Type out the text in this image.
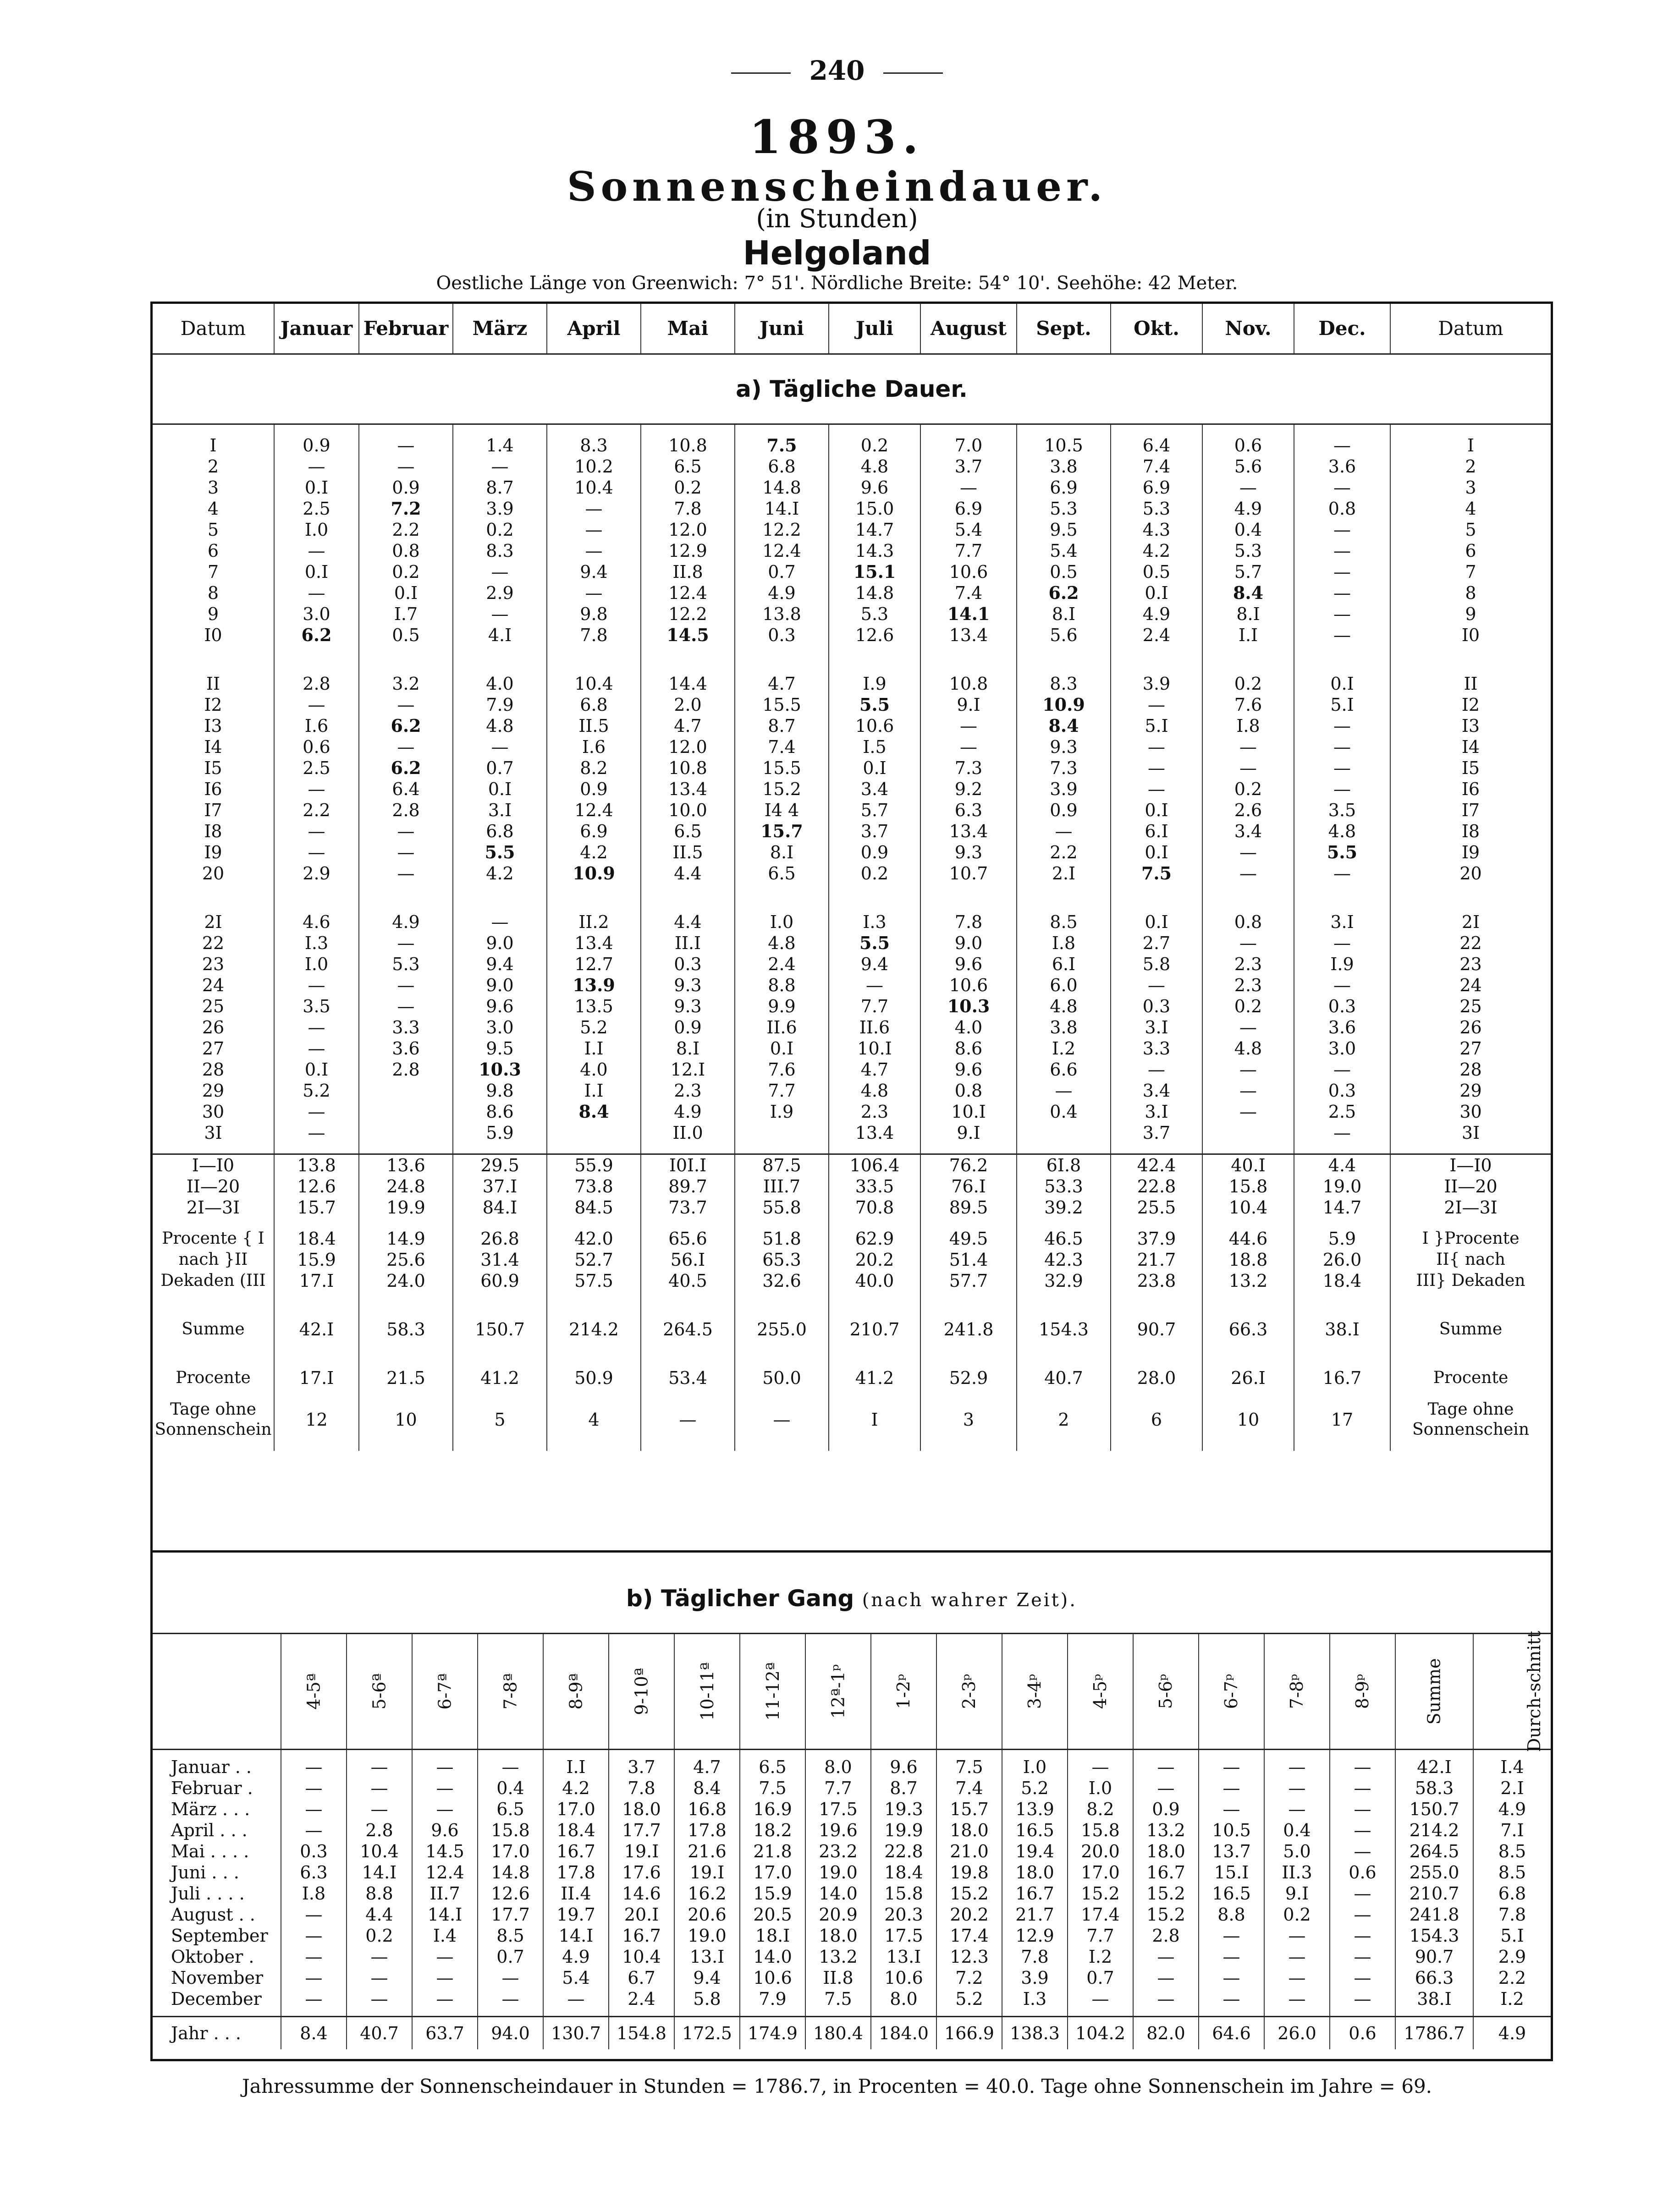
240
1893.
Sonnenscheindauer.
(in Stunden)
Helgoland
Oestliche Länge von Greenwich: 7° 51'. Nördliche Breite: 54° 10'. Seehöhe: 42 Meter.
Datum	Januar	Februar	März	April	Mai	Juni	Juli	August	Sept.	Okt.	Nov.	Dec.	Datum
a) Tägliche Dauer.													

I	0.9	—	1.4	8.3	10.8	7.5	0.2	7.0	10.5	6.4	0.6	—	I
2	—	—	—	10.2	6.5	6.8	4.8	3.7	3.8	7.4	5.6	3.6	2
3	0.I	0.9	8.7	10.4	0.2	14.8	9.6	—	6.9	6.9	—	—	3
4	2.5	7.2	3.9	—	7.8	14.I	15.0	6.9	5.3	5.3	4.9	0.8	4
5	I.0	2.2	0.2	—	12.0	12.2	14.7	5.4	9.5	4.3	0.4	—	5
6	—	0.8	8.3	—	12.9	12.4	14.3	7.7	5.4	4.2	5.3	—	6
7	0.I	0.2	—	9.4	II.8	0.7	15.1	10.6	0.5	0.5	5.7	—	7
8	—	0.I	2.9	—	12.4	4.9	14.8	7.4	6.2	0.I	8.4	—	8
9	3.0	I.7	—	9.8	12.2	13.8	5.3	14.1	8.I	4.9	8.I	—	9
I0	6.2	0.5	4.I	7.8	14.5	0.3	12.6	13.4	5.6	2.4	I.I	—	I0

II	2.8	3.2	4.0	10.4	14.4	4.7	I.9	10.8	8.3	3.9	0.2	0.I	II
I2	—	—	7.9	6.8	2.0	15.5	5.5	9.I	10.9	—	7.6	5.I	I2
I3	I.6	6.2	4.8	II.5	4.7	8.7	10.6	—	8.4	5.I	I.8	—	I3
I4	0.6	—	—	I.6	12.0	7.4	I.5	—	9.3	—	—	—	I4
I5	2.5	6.2	0.7	8.2	10.8	15.5	0.I	7.3	7.3	—	—	—	I5
I6	—	6.4	0.I	0.9	13.4	15.2	3.4	9.2	3.9	—	0.2	—	I6
I7	2.2	2.8	3.I	12.4	10.0	I4 4	5.7	6.3	0.9	0.I	2.6	3.5	I7
I8	—	—	6.8	6.9	6.5	15.7	3.7	13.4	—	6.I	3.4	4.8	I8
I9	—	—	5.5	4.2	II.5	8.I	0.9	9.3	2.2	0.I	—	5.5	I9
20	2.9	—	4.2	10.9	4.4	6.5	0.2	10.7	2.I	7.5	—	—	20

2I	4.6	4.9	—	II.2	4.4	I.0	I.3	7.8	8.5	0.I	0.8	3.I	2I
22	I.3	—	9.0	13.4	II.I	4.8	5.5	9.0	I.8	2.7	—	—	22
23	I.0	5.3	9.4	12.7	0.3	2.4	9.4	9.6	6.I	5.8	2.3	I.9	23
24	—	—	9.0	13.9	9.3	8.8	—	10.6	6.0	—	2.3	—	24
25	3.5	—	9.6	13.5	9.3	9.9	7.7	10.3	4.8	0.3	0.2	0.3	25
26	—	3.3	3.0	5.2	0.9	II.6	II.6	4.0	3.8	3.I	—	3.6	26
27	—	3.6	9.5	I.I	8.I	0.I	10.I	8.6	I.2	3.3	4.8	3.0	27
28	0.I	2.8	10.3	4.0	12.I	7.6	4.7	9.6	6.6	—	—	—	28
29	5.2		9.8	I.I	2.3	7.7	4.8	0.8	—	3.4	—	0.3	29
30	—		8.6	8.4	4.9	I.9	2.3	10.I	0.4	3.I	—	2.5	30
3I	—		5.9		II.0		13.4	9.I		3.7		—	3I

I—I0	13.8	13.6	29.5	55.9	I0I.I	87.5	106.4	76.2	6I.8	42.4	40.I	4.4	I—I0
II—20	12.6	24.8	37.I	73.8	89.7	III.7	33.5	76.I	53.3	22.8	15.8	19.0	II—20
2I—3I	15.7	19.9	84.I	84.5	73.7	55.8	70.8	89.5	39.2	25.5	10.4	14.7	2I—3I

Procente { I	18.4	14.9	26.8	42.0	65.6	51.8	62.9	49.5	46.5	37.9	44.6	5.9	I }Procente
nach }II	15.9	25.6	31.4	52.7	56.I	65.3	20.2	51.4	42.3	21.7	18.8	26.0	II{ nach
Dekaden (III	17.I	24.0	60.9	57.5	40.5	32.6	40.0	57.7	32.9	23.8	13.2	18.4	III} Dekaden

Summe	42.I	58.3	150.7	214.2	264.5	255.0	210.7	241.8	154.3	90.7	66.3	38.I	Summe

Procente	17.I	21.5	41.2	50.9	53.4	50.0	41.2	52.9	40.7	28.0	26.I	16.7	Procente

Tage ohne Sonnenschein	12	10	5	4	—	—	I	3	2	6	10	17	Tage ohne Sonnenschein

b) Täglicher Gang (nach wahrer Zeit).
	4-5ª	5-6ª	6-7ª	7-8ª	8-9ª	9-10ª	10-11ª	11-12ª	12ª-1ᵖ	1-2ᵖ	2-3ᵖ	3-4ᵖ	4-5ᵖ	5-6ᵖ	6-7ᵖ	7-8ᵖ	8-9ᵖ	Summe	Durch-schnitt

Januar . .	—	—	—	—	I.I	3.7	4.7	6.5	8.0	9.6	7.5	I.0	—	—	—	—	—	42.I	I.4
Februar .	—	—	—	0.4	4.2	7.8	8.4	7.5	7.7	8.7	7.4	5.2	I.0	—	—	—	—	58.3	2.I
März . . .	—	—	—	6.5	17.0	18.0	16.8	16.9	17.5	19.3	15.7	13.9	8.2	0.9	—	—	—	150.7	4.9
April . . .	—	2.8	9.6	15.8	18.4	17.7	17.8	18.2	19.6	19.9	18.0	16.5	15.8	13.2	10.5	0.4	—	214.2	7.I
Mai . . . .	0.3	10.4	14.5	17.0	16.7	19.I	21.6	21.8	23.2	22.8	21.0	19.4	20.0	18.0	13.7	5.0	—	264.5	8.5
Juni . . .	6.3	14.I	12.4	14.8	17.8	17.6	19.I	17.0	19.0	18.4	19.8	18.0	17.0	16.7	15.I	II.3	0.6	255.0	8.5
Juli . . . .	I.8	8.8	II.7	12.6	II.4	14.6	16.2	15.9	14.0	15.8	15.2	16.7	15.2	15.2	16.5	9.I	—	210.7	6.8
August . .	—	4.4	14.I	17.7	19.7	20.I	20.6	20.5	20.9	20.3	20.2	21.7	17.4	15.2	8.8	0.2	—	241.8	7.8
September	—	0.2	I.4	8.5	14.I	16.7	19.0	18.I	18.0	17.5	17.4	12.9	7.7	2.8	—	—	—	154.3	5.I
Oktober .	—	—	—	0.7	4.9	10.4	13.I	14.0	13.2	13.I	12.3	7.8	I.2	—	—	—	—	90.7	2.9
November	—	—	—	—	5.4	6.7	9.4	10.6	II.8	10.6	7.2	3.9	0.7	—	—	—	—	66.3	2.2
December	—	—	—	—	—	2.4	5.8	7.9	7.5	8.0	5.2	I.3	—	—	—	—	—	38.I	I.2

Jahr . . .	8.4	40.7	63.7	94.0	130.7	154.8	172.5	174.9	180.4	184.0	166.9	138.3	104.2	82.0	64.6	26.0	0.6	1786.7	4.9
Jahressumme der Sonnenscheindauer in Stunden = 1786.7, in Procenten = 40.0. Tage ohne Sonnenschein im Jahre = 69.
